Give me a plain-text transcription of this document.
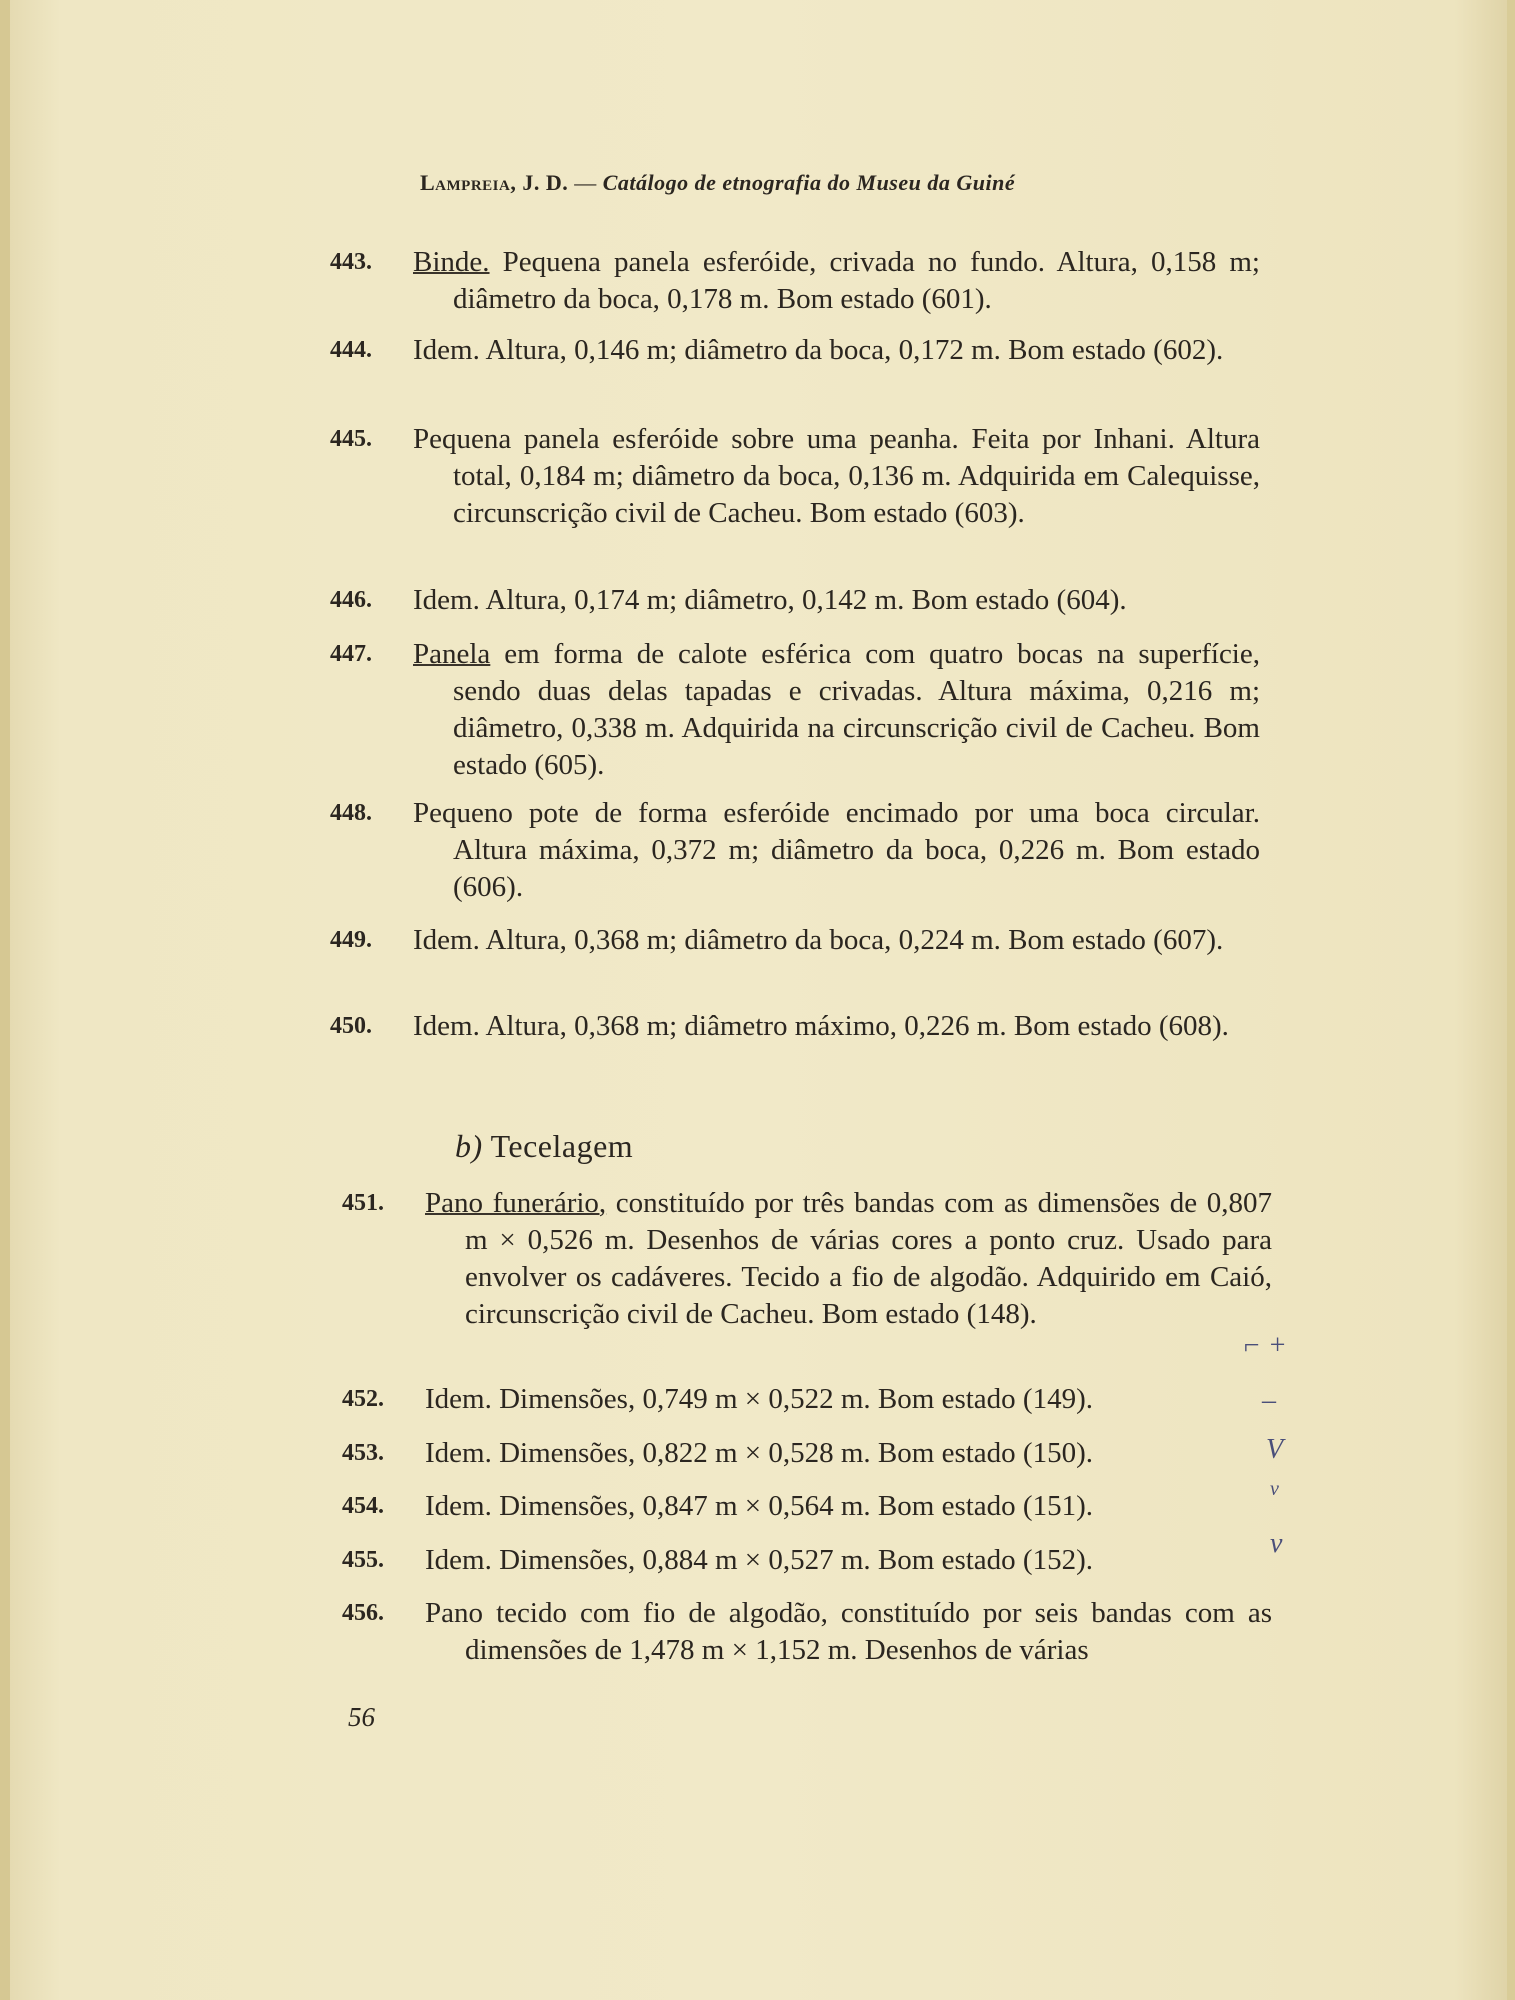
Lampreia, J. D. — Catálogo de etnografia do Museu da Guiné
443. Binde. Pequena panela esferóide, crivada no fundo. Altura, 0,158 m; diâmetro da boca, 0,178 m. Bom estado (601).
444. Idem. Altura, 0,146 m; diâmetro da boca, 0,172 m. Bom estado (602).
445. Pequena panela esferóide sobre uma peanha. Feita por Inhani. Altura total, 0,184 m; diâmetro da boca, 0,136 m. Adquirida em Calequisse, circunscrição civil de Cacheu. Bom estado (603).
446. Idem. Altura, 0,174 m; diâmetro, 0,142 m. Bom estado (604).
447. Panela em forma de calote esférica com quatro bocas na superfície, sendo duas delas tapadas e crivadas. Altura máxima, 0,216 m; diâmetro, 0,338 m. Adquirida na circunscrição civil de Cacheu. Bom estado (605).
448. Pequeno pote de forma esferóide encimado por uma boca circular. Altura máxima, 0,372 m; diâmetro da boca, 0,226 m. Bom estado (606).
449. Idem. Altura, 0,368 m; diâmetro da boca, 0,224 m. Bom estado (607).
450. Idem. Altura, 0,368 m; diâmetro máximo, 0,226 m. Bom estado (608).
b) Tecelagem
451. Pano funerário, constituído por três bandas com as dimensões de 0,807 m × 0,526 m. Desenhos de várias cores a ponto cruz. Usado para envolver os cadáveres. Tecido a fio de algodão. Adquirido em Caió, circunscrição civil de Cacheu. Bom estado (148).
452. Idem. Dimensões, 0,749 m × 0,522 m. Bom estado (149).
453. Idem. Dimensões, 0,822 m × 0,528 m. Bom estado (150).
454. Idem. Dimensões, 0,847 m × 0,564 m. Bom estado (151).
455. Idem. Dimensões, 0,884 m × 0,527 m. Bom estado (152).
456. Pano tecido com fio de algodão, constituído por seis bandas com as dimensões de 1,478 m × 1,152 m. Desenhos de várias
⌐ +
–
V
v
v
56
